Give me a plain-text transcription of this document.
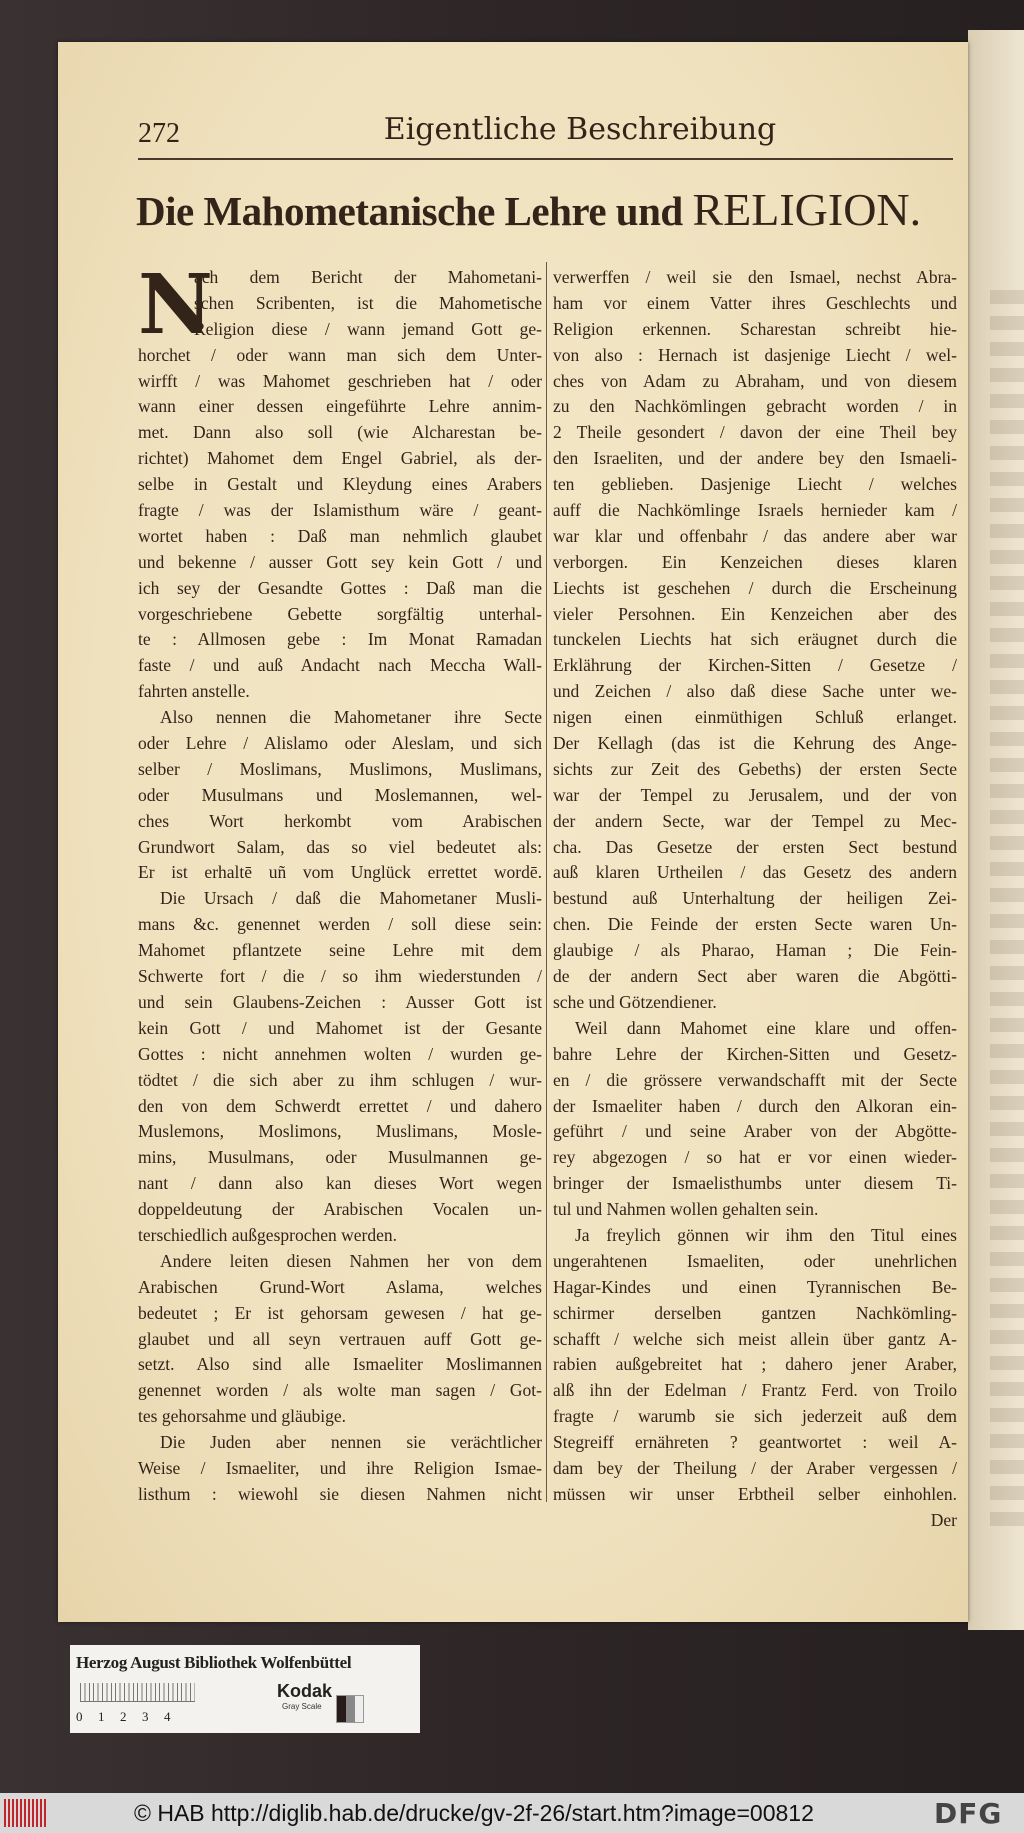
272	Eigentliche Beschreibung
Die Mahometanische Lehre und RELIGION.
N
ach dem Bericht der Mahometani-
schen Scribenten, ist die Mahometische
Religion diese / wann jemand Gott ge-
horchet / oder wann man sich dem Unter-
wirfft / was Mahomet geschrieben hat / oder
wann einer dessen eingeführte Lehre annim-
met. Dann also soll (wie Alcharestan be-
richtet) Mahomet dem Engel Gabriel, als der-
selbe in Gestalt und Kleydung eines Arabers
fragte / was der Islamisthum wäre / geant-
wortet haben : Daß man nehmlich glaubet
und bekenne / ausser Gott sey kein Gott / und
ich sey der Gesandte Gottes : Daß man die
vorgeschriebene Gebette sorgfältig unterhal-
te : Allmosen gebe : Im Monat Ramadan
faste / und auß Andacht nach Meccha Wall-
fahrten anstelle.
Also nennen die Mahometaner ihre Secte
oder Lehre / Alislamo oder Aleslam, und sich
selber / Moslimans, Muslimons, Muslimans,
oder Musulmans und Moslemannen, wel-
ches Wort herkombt vom Arabischen
Grundwort Salam, das so viel bedeutet als:
Er ist erhaltē uñ vom Unglück errettet wordē.
Die Ursach / daß die Mahometaner Musli-
mans &c. genennet werden / soll diese sein:
Mahomet pflantzete seine Lehre mit dem
Schwerte fort / die / so ihm wiederstunden /
und sein Glaubens-Zeichen : Ausser Gott ist
kein Gott / und Mahomet ist der Gesante
Gottes : nicht annehmen wolten / wurden ge-
tödtet / die sich aber zu ihm schlugen / wur-
den von dem Schwerdt errettet / und dahero
Muslemons, Moslimons, Muslimans, Mosle-
mins, Musulmans, oder Musulmannen ge-
nant / dann also kan dieses Wort wegen
doppeldeutung der Arabischen Vocalen un-
terschiedlich außgesprochen werden.
Andere leiten diesen Nahmen her von dem
Arabischen Grund-Wort Aslama, welches
bedeutet ; Er ist gehorsam gewesen / hat ge-
glaubet und all seyn vertrauen auff Gott ge-
setzt. Also sind alle Ismaeliter Moslimannen
genennet worden / als wolte man sagen / Got-
tes gehorsahme und gläubige.
Die Juden aber nennen sie verächtlicher
Weise / Ismaeliter, und ihre Religion Ismae-
listhum : wiewohl sie diesen Nahmen nicht
verwerffen / weil sie den Ismael, nechst Abra-
ham vor einem Vatter ihres Geschlechts und
Religion erkennen. Scharestan schreibt hie-
von also : Hernach ist dasjenige Liecht / wel-
ches von Adam zu Abraham, und von diesem
zu den Nachkömlingen gebracht worden / in
2 Theile gesondert / davon der eine Theil bey
den Israeliten, und der andere bey den Ismaeli-
ten geblieben. Dasjenige Liecht / welches
auff die Nachkömlinge Israels hernieder kam /
war klar und offenbahr / das andere aber war
verborgen. Ein Kenzeichen dieses klaren
Liechts ist geschehen / durch die Erscheinung
vieler Persohnen. Ein Kenzeichen aber des
tunckelen Liechts hat sich eräugnet durch die
Erklährung der Kirchen-Sitten / Gesetze /
und Zeichen / also daß diese Sache unter we-
nigen einen einmüthigen Schluß erlanget.
Der Kellagh (das ist die Kehrung des Ange-
sichts zur Zeit des Gebeths) der ersten Secte
war der Tempel zu Jerusalem, und der von
der andern Secte, war der Tempel zu Mec-
cha. Das Gesetze der ersten Sect bestund
auß klaren Urtheilen / das Gesetz des andern
bestund auß Unterhaltung der heiligen Zei-
chen. Die Feinde der ersten Secte waren Un-
glaubige / als Pharao, Haman ; Die Fein-
de der andern Sect aber waren die Abgötti-
sche und Götzendiener.
Weil dann Mahomet eine klare und offen-
bahre Lehre der Kirchen-Sitten und Gesetz-
en / die grössere verwandschafft mit der Secte
der Ismaeliter haben / durch den Alkoran ein-
geführt / und seine Araber von der Abgötte-
rey abgezogen / so hat er vor einen wieder-
bringer der Ismaelisthumbs unter diesem Ti-
tul und Nahmen wollen gehalten sein.
Ja freylich gönnen wir ihm den Titul eines
ungerahtenen Ismaeliten, oder unehrlichen
Hagar-Kindes und einen Tyrannischen Be-
schirmer derselben gantzen Nachkömling-
schafft / welche sich meist allein über gantz A-
rabien außgebreitet hat ; dahero jener Araber,
alß ihn der Edelman / Frantz Ferd. von Troilo
fragte / warumb sie sich jederzeit auß dem
Stegreiff ernähreten ? geantwortet : weil A-
dam bey der Theilung / der Araber vergessen /
müssen wir unser Erbtheil selber einhohlen.
Der
Herzog August Bibliothek Wolfenbüttel
0 1 2 3 4
Kodak
Gray Scale
© HAB http://diglib.hab.de/drucke/gv-2f-26/start.htm?image=00812	DFG
